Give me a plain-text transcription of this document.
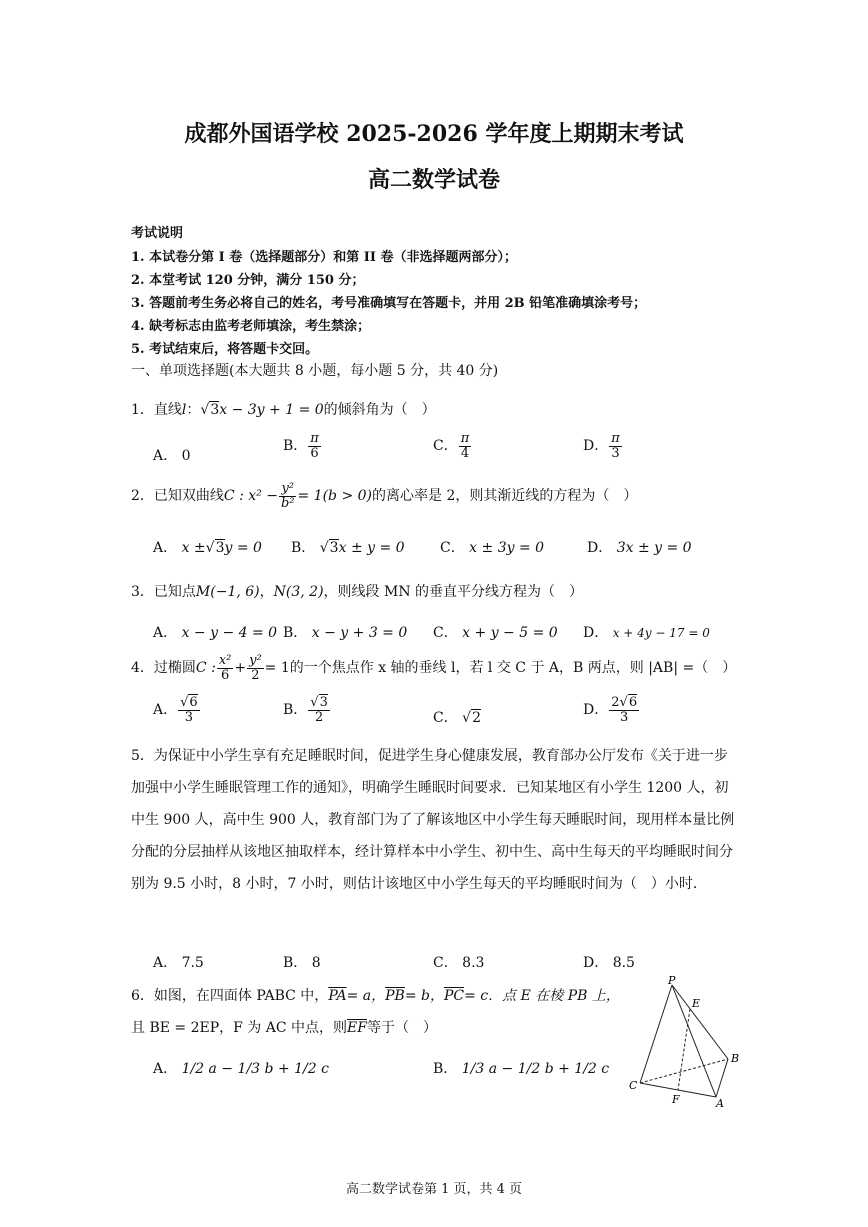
成都外国语学校 2025-2026 学年度上期期末考试
高二数学试卷
考试说明
1. 本试卷分第 I 卷（选择题部分）和第 II 卷（非选择题两部分）；
2. 本堂考试 120 分钟，满分 150 分；
3. 答题前考生务必将自己的姓名，考号准确填写在答题卡，并用 2B 铅笔准确填涂考号；
4. 缺考标志由监考老师填涂，考生禁涂；
5. 考试结束后，将答题卡交回。
一、单项选择题(本大题共 8 小题，每小题 5 分，共 40 分)
1．直线l：√3x − 3y + 1 = 0的倾斜角为（　）
A． 0
B． $\frac{\pi}{6}$	C． $\frac{\pi}{4}$	D． $\frac{\pi}{3}$
2．已知双曲线C : $x^2 - \frac{\text{y²}}{\text{b²}} = 1(b > 0)$的离心率是 2，则其渐近线的方程为（　）
A． x ±√3y = 0 B． √3x ± y = 0	C． x ± 3y = 0	D． 3x ± y = 0
3．已知点M(−1, 6)，N(3, 2)，则线段 MN 的垂直平分线方程为（　）
A． x − y − 4 = 0 B． x − y + 3 = 0 C． x + y − 5 = 0 D． x + 4y − 17 = 0
4．过椭圆C : $\frac{\text{x²}}{6} + \frac{\text{y²}}{2} = 1$的一个焦点作 x 轴的垂线 l，若 l 交 C 于 A，B 两点，则 |AB| =（　）
A． $\frac{√6}{3}$	B． $\frac{√3}{2}$	C． √2	D． $\frac{2√6}{3}$
5．为保证中小学生享有充足睡眠时间，促进学生身心健康发展，教育部办公厅发布《关于进一步加强中小学生睡眠管理工作的通知》，明确学生睡眠时间要求．已知某地区有小学生 1200 人，初中生 900 人，高中生 900 人，教育部门为了了解该地区中小学生每天睡眠时间，现用样本量比例分配的分层抽样从该地区抽取样本，经计算样本中小学生、初中生、高中生每天的平均睡眠时间分别为 9.5 小时，8 小时，7 小时，则估计该地区中小学生每天的平均睡眠时间为（　）小时．
A． 7.5	B． 8	C． 8.3	D． 8.5
6．如图，在四面体 PABC 中，$\overline{PA}= a$，$\overline{PB}= b$，$\overline{PC}= c$．点 E 在棱 PB 上，
且 BE = 2EP，F 为 AC 中点，则$\overline{EF}$等于（　）
A． 1/2 a − 1/3 b + 1/2 c	B． 1/3 a − 1/2 b + 1/2 c
P
E
B
C
F	A
高二数学试卷第 1 页，共 4 页
